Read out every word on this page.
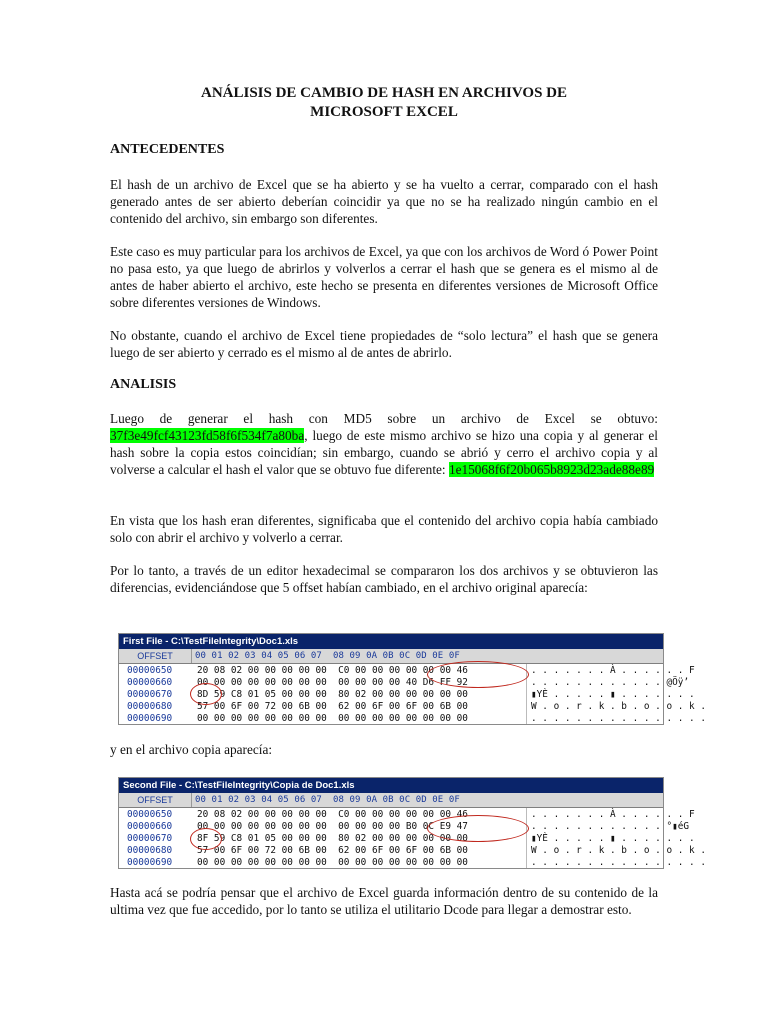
ANÁLISIS DE CAMBIO DE HASH EN ARCHIVOS DE

MICROSOFT EXCEL

ANTECEDENTES

El hash de un archivo de Excel que se ha abierto y se ha vuelto a cerrar, comparado con el hash generado antes de ser abierto deberían coincidir ya que no se ha realizado ningún cambio en el contenido del archivo, sin embargo son diferentes.

Este caso es muy particular para los archivos de Excel, ya que con los archivos de Word ó Power Point no pasa esto, ya que luego de abrirlos y volverlos a cerrar el hash que se genera es el mismo al de antes de haber abierto el archivo, este hecho se presenta en diferentes versiones de Microsoft Office sobre diferentes versiones de Windows.

No obstante, cuando el archivo de Excel tiene propiedades de “solo lectura” el hash que se genera luego de ser abierto y cerrado es el mismo al de antes de abrirlo.

ANALISIS

Luego de generar el hash con MD5 sobre un archivo de Excel se obtuvo: 37f3e49fcf43123fd58f6f534f7a80ba, luego de este mismo archivo se hizo una copia y al generar el hash sobre la copia estos coincidían; sin embargo, cuando se abrió y cerro el archivo copia y al volverse a calcular el hash el valor que se obtuvo fue diferente: 1e15068f6f20b065b8923d23ade88e89

En vista que los hash eran diferentes, significaba que el contenido del archivo copia había cambiado solo con abrir el archivo y volverlo a cerrar.

Por lo tanto, a través de un editor hexadecimal se compararon los dos archivos y se obtuvieron las diferencias, evidenciándose que 5 offset habían cambiado, en el archivo original aparecía:

First File - C:\TestFileIntegrity\Doc1.xls
OFFSET	00 01 02 03 04 05 06 07  08 09 0A 0B 0C 0D 0E 0F
00000650	20 08 02 00 00 00 00 00  C0 00 00 00 00 00 00 46	. . . . . . . À . . . . . . F
00000660	00 00 00 00 00 00 00 00  00 00 00 00 40 D6 FF 92	. . . . . . . . . . . . @Öÿ’
00000670	8D 59 C8 01 05 00 00 00  80 02 00 00 00 00 00 00	▮YÈ . . . . . ▮ . . . . . . .
00000680	57 00 6F 00 72 00 6B 00  62 00 6F 00 6F 00 6B 00	W . o . r . k . b . o . o . k .
00000690	00 00 00 00 00 00 00 00  00 00 00 00 00 00 00 00	. . . . . . . . . . . . . . . .

y en el archivo copia aparecía:

Second File - C:\TestFileIntegrity\Copia de Doc1.xls
OFFSET	00 01 02 03 04 05 06 07  08 09 0A 0B 0C 0D 0E 0F
00000650	20 08 02 00 00 00 00 00  C0 00 00 00 00 00 00 46	. . . . . . . À . . . . . . F
00000660	00 00 00 00 00 00 00 00  00 00 00 00 B0 0C E9 47	. . . . . . . . . . . . °▮éG
00000670	8F 59 C8 01 05 00 00 00  80 02 00 00 00 00 00 00	▮YÈ . . . . . ▮ . . . . . . .
00000680	57 00 6F 00 72 00 6B 00  62 00 6F 00 6F 00 6B 00	W . o . r . k . b . o . o . k .
00000690	00 00 00 00 00 00 00 00  00 00 00 00 00 00 00 00	. . . . . . . . . . . . . . . .

Hasta acá se podría pensar que el archivo de Excel guarda información dentro de su contenido de la ultima vez que fue accedido, por lo tanto se utiliza el utilitario Dcode para llegar a demostrar esto.
